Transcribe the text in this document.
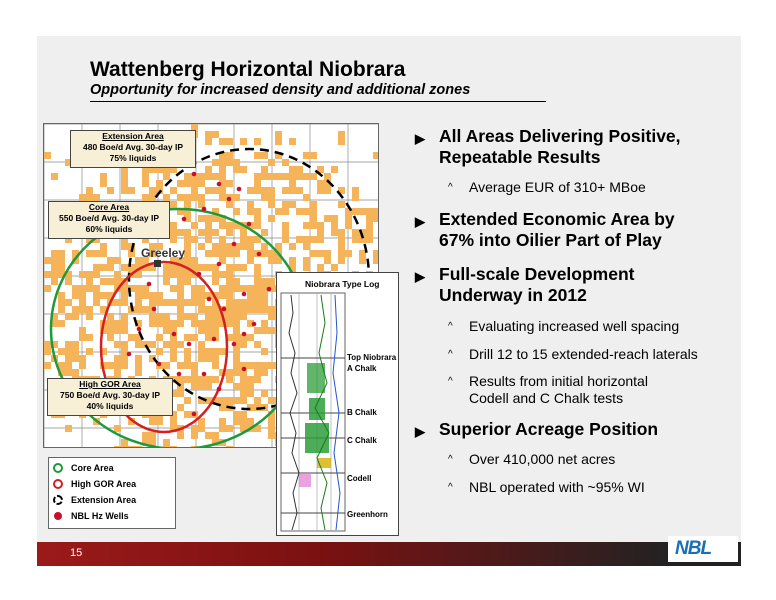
Wattenberg Horizontal Niobrara
Opportunity for increased density and additional zones
Extension Area
480 Boe/d Avg. 30-day IP
75% liquids
Core Area
550 Boe/d Avg. 30-day IP
60% liquids
High GOR Area
750 Boe/d Avg. 30-day IP
40% liquids
Greeley
Core Area
High GOR Area
Extension Area
NBL Hz Wells
Niobrara Type Log
Top Niobrara
A Chalk
B Chalk
C Chalk
Codell
Greenhorn
▶ All Areas Delivering Positive,
Repeatable Results
^ Average EUR of 310+ MBoe
▶ Extended Economic Area by
67% into Oilier Part of Play
▶ Full-scale Development
Underway in 2012
^ Evaluating increased well spacing
^ Drill 12 to 15 extended-reach laterals
^ Results from initial horizontal
Codell and C Chalk tests
▶ Superior Acreage Position
^ Over 410,000 net acres
^ NBL operated with ~95% WI
15	NBL
